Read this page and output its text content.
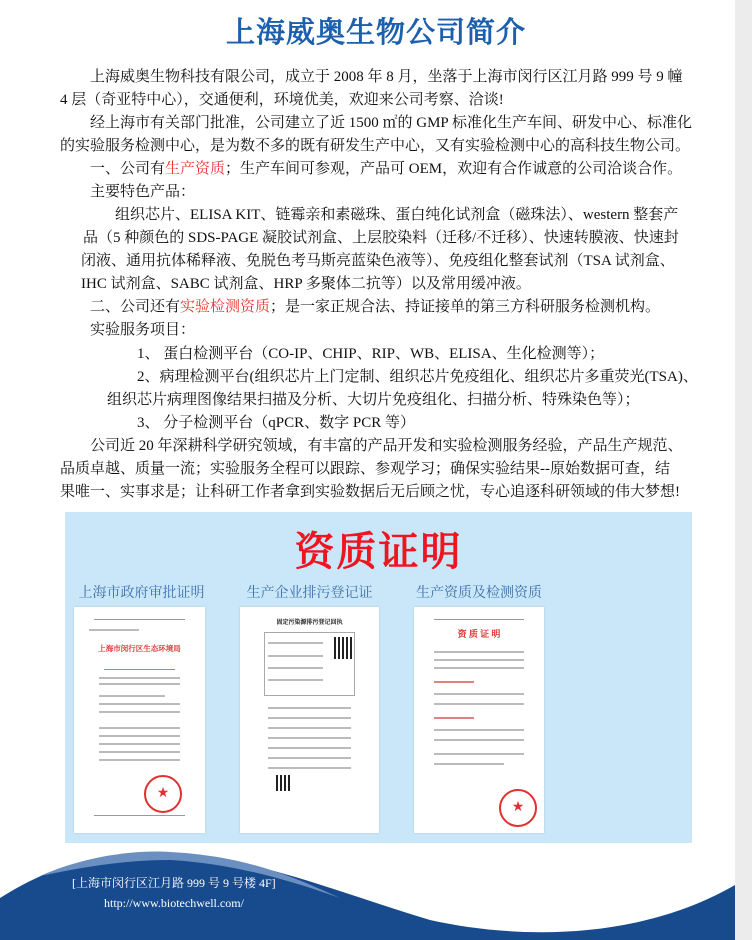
上海威奥生物公司简介
上海威奥生物科技有限公司，成立于 2008 年 8 月，坐落于上海市闵行区江月路 999 号 9 幢
4 层（奇亚特中心），交通便利，环境优美，欢迎来公司考察、洽谈!
经上海市有关部门批准，公司建立了近 1500 ㎡的 GMP 标准化生产车间、研发中心、标准化
的实验服务检测中心，是为数不多的既有研发生产中心，又有实验检测中心的高科技生物公司。
一、公司有生产资质；生产车间可参观，产品可 OEM，欢迎有合作诚意的公司洽谈合作。
主要特色产品：
组织芯片、ELISA KIT、链霉亲和素磁珠、蛋白纯化试剂盒（磁珠法）、western 整套产
品（5 种颜色的 SDS-PAGE 凝胶试剂盒、上层胶染料（迁移/不迁移）、快速转膜液、快速封
闭液、通用抗体稀释液、免脱色考马斯亮蓝染色液等）、免疫组化整套试剂（TSA 试剂盒、
IHC 试剂盒、SABC 试剂盒、HRP 多聚体二抗等）以及常用缓冲液。
二、公司还有实验检测资质；是一家正规合法、持证接单的第三方科研服务检测机构。
实验服务项目：
1、 蛋白检测平台（CO-IP、CHIP、RIP、WB、ELISA、生化检测等）；
2、病理检测平台(组织芯片上门定制、组织芯片免疫组化、组织芯片多重荧光(TSA)、
组织芯片病理图像结果扫描及分析、大切片免疫组化、扫描分析、特殊染色等）；
3、 分子检测平台（qPCR、数字 PCR 等）
公司近 20 年深耕科学研究领域，有丰富的产品开发和实验检测服务经验，产品生产规范、
品质卓越、质量一流；实验服务全程可以跟踪、参观学习；确保实验结果--原始数据可查，结
果唯一、实事求是；让科研工作者拿到实验数据后无后顾之忧，专心追逐科研领域的伟大梦想!
资质证明
上海市政府审批证明	生产企业排污登记证	生产资质及检测资质
上海市闵行区生态环境局
★
固定污染源排污登记回执
资 质 证 明
★
[上海市闵行区江月路 999 号 9 号楼 4F]
http://www.biotechwell.com/
